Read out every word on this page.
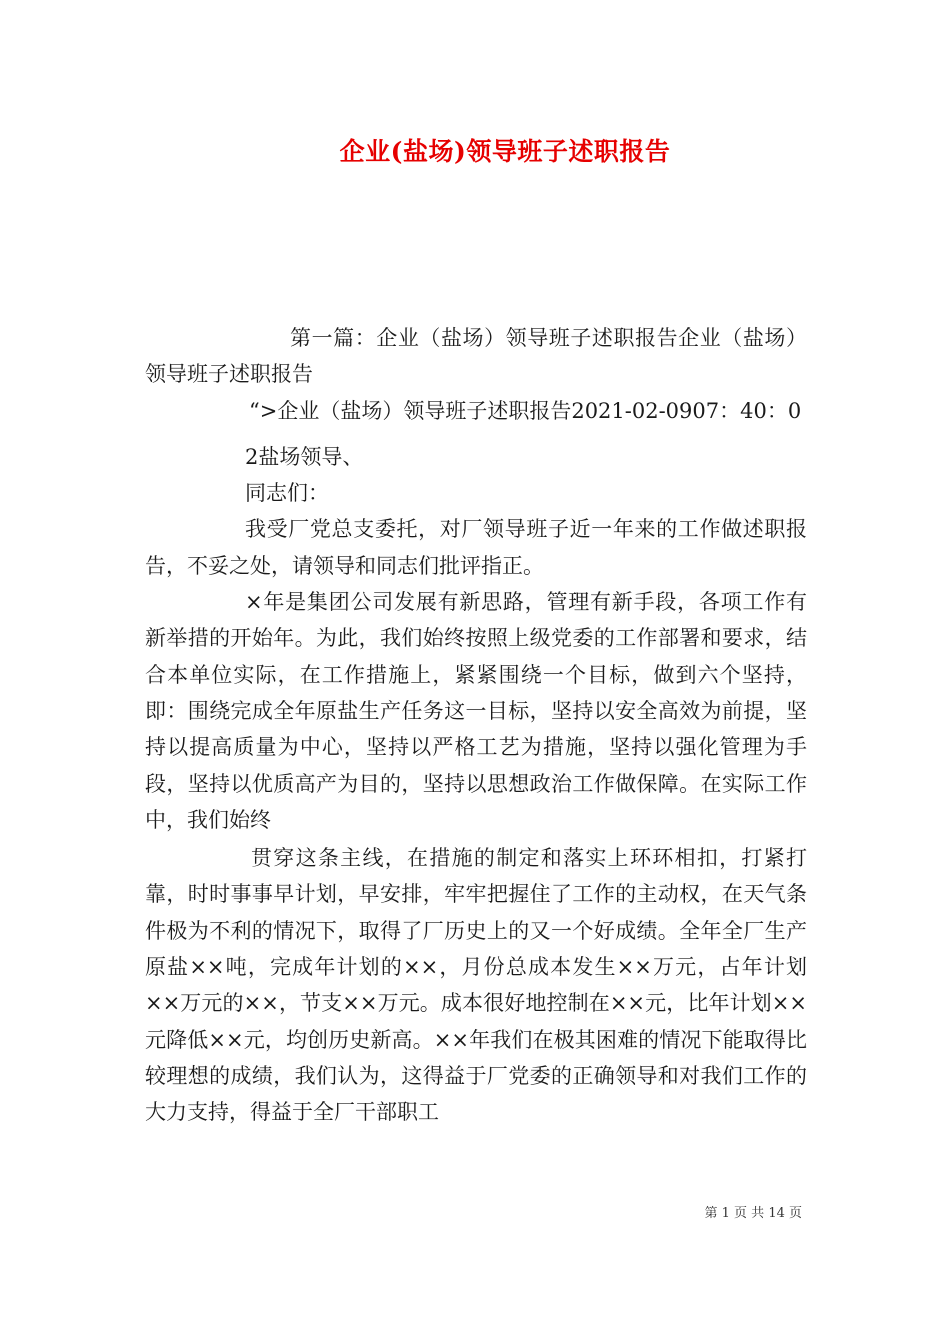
企业(盐场)领导班子述职报告

第一篇：企业（盐场）领导班子述职报告企业（盐场）领导班子述职报告

“>企业（盐场）领导班子述职报告2021-02-0907：40：0

2盐场领导、

同志们：

我受厂党总支委托，对厂领导班子近一年来的工作做述职报告，不妥之处，请领导和同志们批评指正。

×年是集团公司发展有新思路，管理有新手段，各项工作有新举措的开始年。为此，我们始终按照上级党委的工作部署和要求，结合本单位实际，在工作措施上，紧紧围绕一个目标，做到六个坚持，即：围绕完成全年原盐生产任务这一目标，坚持以安全高效为前提，坚持以提高质量为中心，坚持以严格工艺为措施，坚持以强化管理为手段，坚持以优质高产为目的，坚持以思想政治工作做保障。在实际工作中，我们始终

贯穿这条主线，在措施的制定和落实上环环相扣，打紧打靠，时时事事早计划，早安排，牢牢把握住了工作的主动权，在天气条件极为不利的情况下，取得了厂历史上的又一个好成绩。全年全厂生产原盐××吨，完成年计划的××，月份总成本发生××万元，占年计划××万元的××，节支××万元。成本很好地控制在××元，比年计划××元降低××元，均创历史新高。××年我们在极其困难的情况下能取得比较理想的成绩，我们认为，这得益于厂党委的正确领导和对我们工作的大力支持，得益于全厂干部职工

第 1 页 共 14 页
